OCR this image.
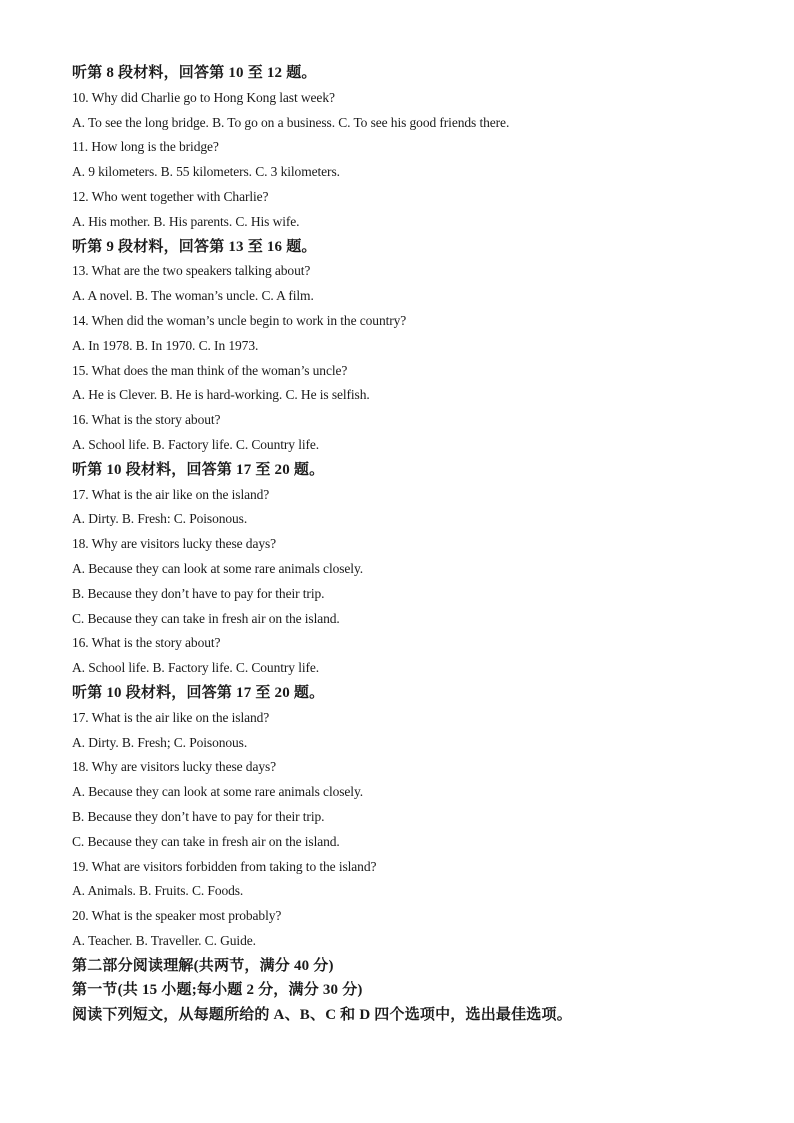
听第 8 段材料，回答第 10 至 12 题。
10. Why did Charlie go to Hong Kong last week?
A. To see the long bridge. B. To go on a business. C. To see his good friends there.
11. How long is the bridge?
A. 9 kilometers. B. 55 kilometers. C. 3 kilometers.
12. Who went together with Charlie?
A. His mother. B. His parents. C. His wife.
听第 9 段材料，回答第 13 至 16 题。
13. What are the two speakers talking about?
A. A novel. B. The woman’s uncle. C. A film.
14. When did the woman’s uncle begin to work in the country?
A. In 1978. B. In 1970. C. In 1973.
15. What does the man think of the woman’s uncle?
A. He is Clever. B. He is hard-working. C. He is selfish.
16. What is the story about?
A. School life. B. Factory life. C. Country life.
听第 10 段材料，回答第 17 至 20 题。
17. What is the air like on the island?
A. Dirty. B. Fresh: C. Poisonous.
18. Why are visitors lucky these days?
A. Because they can look at some rare animals closely.
B. Because they don’t have to pay for their trip.
C. Because they can take in fresh air on the island.
16. What is the story about?
A. School life. B. Factory life. C. Country life.
听第 10 段材料，回答第 17 至 20 题。
17. What is the air like on the island?
A. Dirty. B. Fresh; C. Poisonous.
18. Why are visitors lucky these days?
A. Because they can look at some rare animals closely.
B. Because they don’t have to pay for their trip.
C. Because they can take in fresh air on the island.
19. What are visitors forbidden from taking to the island?
A. Animals. B. Fruits. C. Foods.
20. What is the speaker most probably?
A. Teacher. B. Traveller. C. Guide.
第二部分阅读理解(共两节，满分 40 分)
第一节(共 15 小题;每小题 2 分，满分 30 分)
阅读下列短文，从每题所给的 A、B、C 和 D 四个选项中，选出最佳选项。
